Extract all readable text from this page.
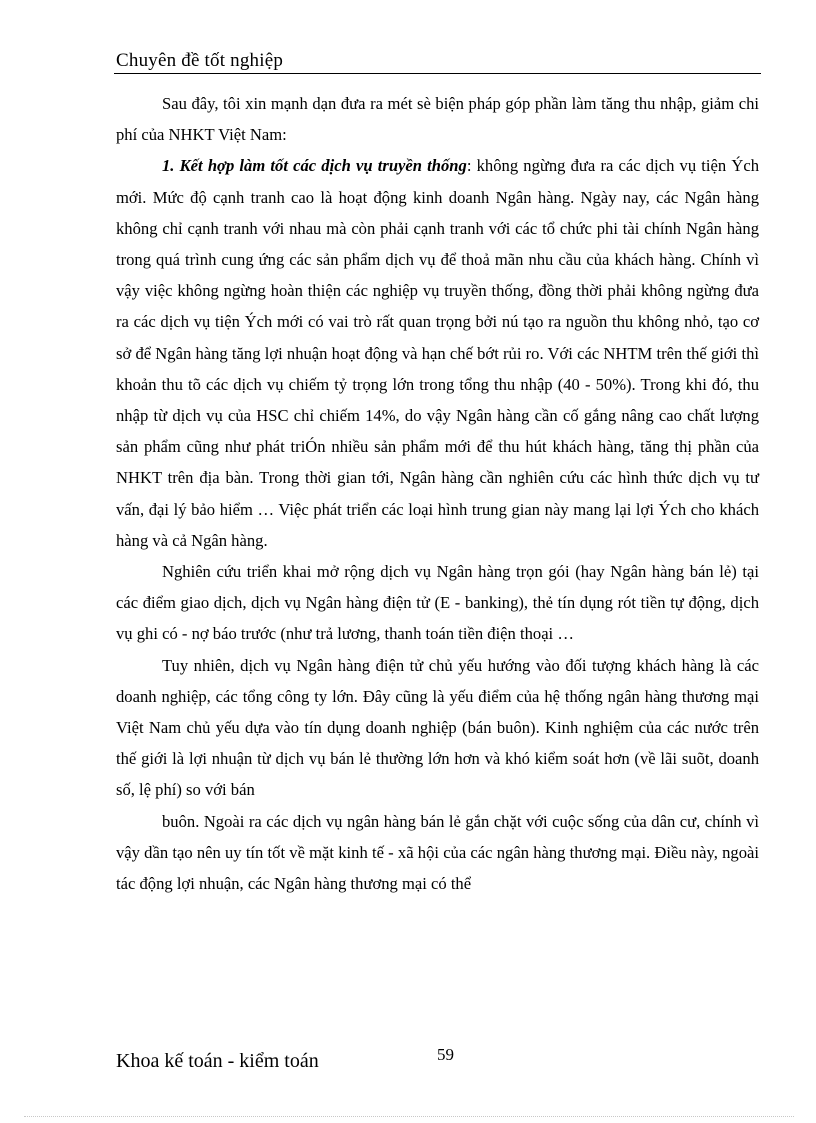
Chuyên đề tốt nghiệp

Sau đây, tôi xin mạnh dạn đưa ra mét sè biện pháp góp phần làm tăng thu nhập, giảm chi phí của NHKT Việt Nam:

1. Kết hợp làm tốt các dịch vụ truyền thống: không ngừng đưa ra các dịch vụ tiện Ých mới. Mức độ cạnh tranh cao là hoạt động kinh doanh Ngân hàng. Ngày nay, các Ngân hàng không chỉ cạnh tranh với nhau mà còn phải cạnh tranh với các tổ chức phi tài chính Ngân hàng trong quá trình cung ứng các sản phẩm dịch vụ để thoả mãn nhu cầu của khách hàng. Chính vì vậy việc không ngừng hoàn thiện các nghiệp vụ truyền thống, đồng thời phải không ngừng đưa ra các dịch vụ tiện Ých mới có vai trò rất quan trọng bởi nú tạo ra nguồn thu không nhỏ, tạo cơ sở để Ngân hàng tăng lợi nhuận hoạt động và hạn chế bớt rủi ro. Với các NHTM trên thế giới thì khoản thu tõ các dịch vụ chiếm tỷ trọng lớn trong tổng thu nhập (40 - 50%). Trong khi đó, thu nhập từ dịch vụ của HSC chỉ chiếm 14%, do vậy Ngân hàng cần cố gắng nâng cao chất lượng sản phẩm cũng như phát triÓn nhiều sản phẩm mới để thu hút khách hàng, tăng thị phần của NHKT trên địa bàn. Trong thời gian tới, Ngân hàng cần nghiên cứu các hình thức dịch vụ tư vấn, đại lý bảo hiểm … Việc phát triển các loại hình trung gian này mang lại lợi Ých cho khách hàng và cả Ngân hàng.

Nghiên cứu triển khai mở rộng dịch vụ Ngân hàng trọn gói (hay Ngân hàng bán lẻ) tại các điểm giao dịch, dịch vụ Ngân hàng điện tử (E - banking), thẻ tín dụng rót tiền tự động, dịch vụ ghi có - nợ báo trước (như trả lương, thanh toán tiền điện thoại …

Tuy nhiên, dịch vụ Ngân hàng điện tử chủ yếu hướng vào đối tượng khách hàng là các doanh nghiệp, các tổng công ty lớn. Đây cũng là yếu điểm của hệ thống ngân hàng thương mại Việt Nam chủ yếu dựa vào tín dụng doanh nghiệp (bán buôn). Kinh nghiệm của các nước trên thế giới là lợi nhuận từ dịch vụ bán lẻ thường lớn hơn và khó kiểm soát hơn (về lãi suõt, doanh số, lệ phí) so với bán

buôn. Ngoài ra các dịch vụ ngân hàng bán lẻ gắn chặt với cuộc sống của dân cư, chính vì vậy dần tạo nên uy tín tốt về mặt kinh tế - xã hội của các ngân hàng thương mại. Điều này, ngoài tác động lợi nhuận, các Ngân hàng thương mại có thể

Khoa kế toán - kiểm toán	59
